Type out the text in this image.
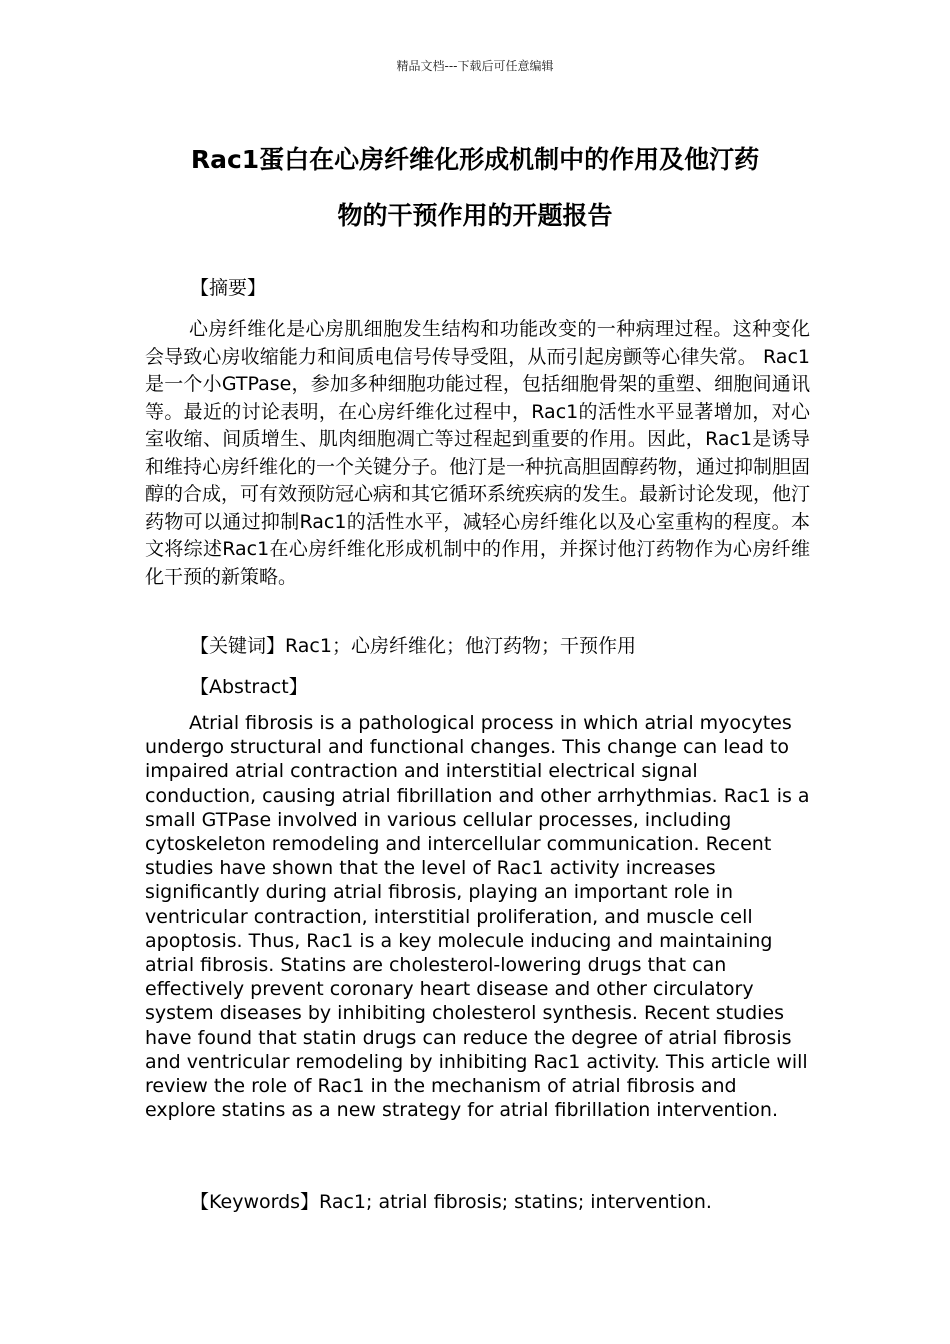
精品文档---下载后可任意编辑
Rac1蛋白在心房纤维化形成机制中的作用及他汀药
物的干预作用的开题报告
【摘要】
心房纤维化是心房肌细胞发生结构和功能改变的一种病理过程。这种变化会导致心房收缩能力和间质电信号传导受阻，从而引起房颤等心律失常。 Rac1是一个小GTPase，参加多种细胞功能过程，包括细胞骨架的重塑、细胞间通讯等。最近的讨论表明，在心房纤维化过程中，Rac1的活性水平显著增加，对心室收缩、间质增生、肌肉细胞凋亡等过程起到重要的作用。因此，Rac1是诱导和维持心房纤维化的一个关键分子。他汀是一种抗高胆固醇药物，通过抑制胆固醇的合成，可有效预防冠心病和其它循环系统疾病的发生。最新讨论发现，他汀药物可以通过抑制Rac1的活性水平，减轻心房纤维化以及心室重构的程度。本文将综述Rac1在心房纤维化形成机制中的作用，并探讨他汀药物作为心房纤维化干预的新策略。
【关键词】Rac1；心房纤维化；他汀药物；干预作用
【Abstract】
Atrial fibrosis is a pathological process in which atrial myocytes undergo structural and functional changes. This change can lead to impaired atrial contraction and interstitial electrical signal conduction, causing atrial fibrillation and other arrhythmias. Rac1 is a small GTPase involved in various cellular processes, including cytoskeleton remodeling and intercellular communication. Recent studies have shown that the level of Rac1 activity increases significantly during atrial fibrosis, playing an important role in ventricular contraction, interstitial proliferation, and muscle cell apoptosis. Thus, Rac1 is a key molecule inducing and maintaining atrial fibrosis. Statins are cholesterol-lowering drugs that can effectively prevent coronary heart disease and other circulatory system diseases by inhibiting cholesterol synthesis. Recent studies have found that statin drugs can reduce the degree of atrial fibrosis and ventricular remodeling by inhibiting Rac1 activity. This article will review the role of Rac1 in the mechanism of atrial fibrosis and explore statins as a new strategy for atrial fibrillation intervention.
【Keywords】Rac1; atrial fibrosis; statins; intervention.
